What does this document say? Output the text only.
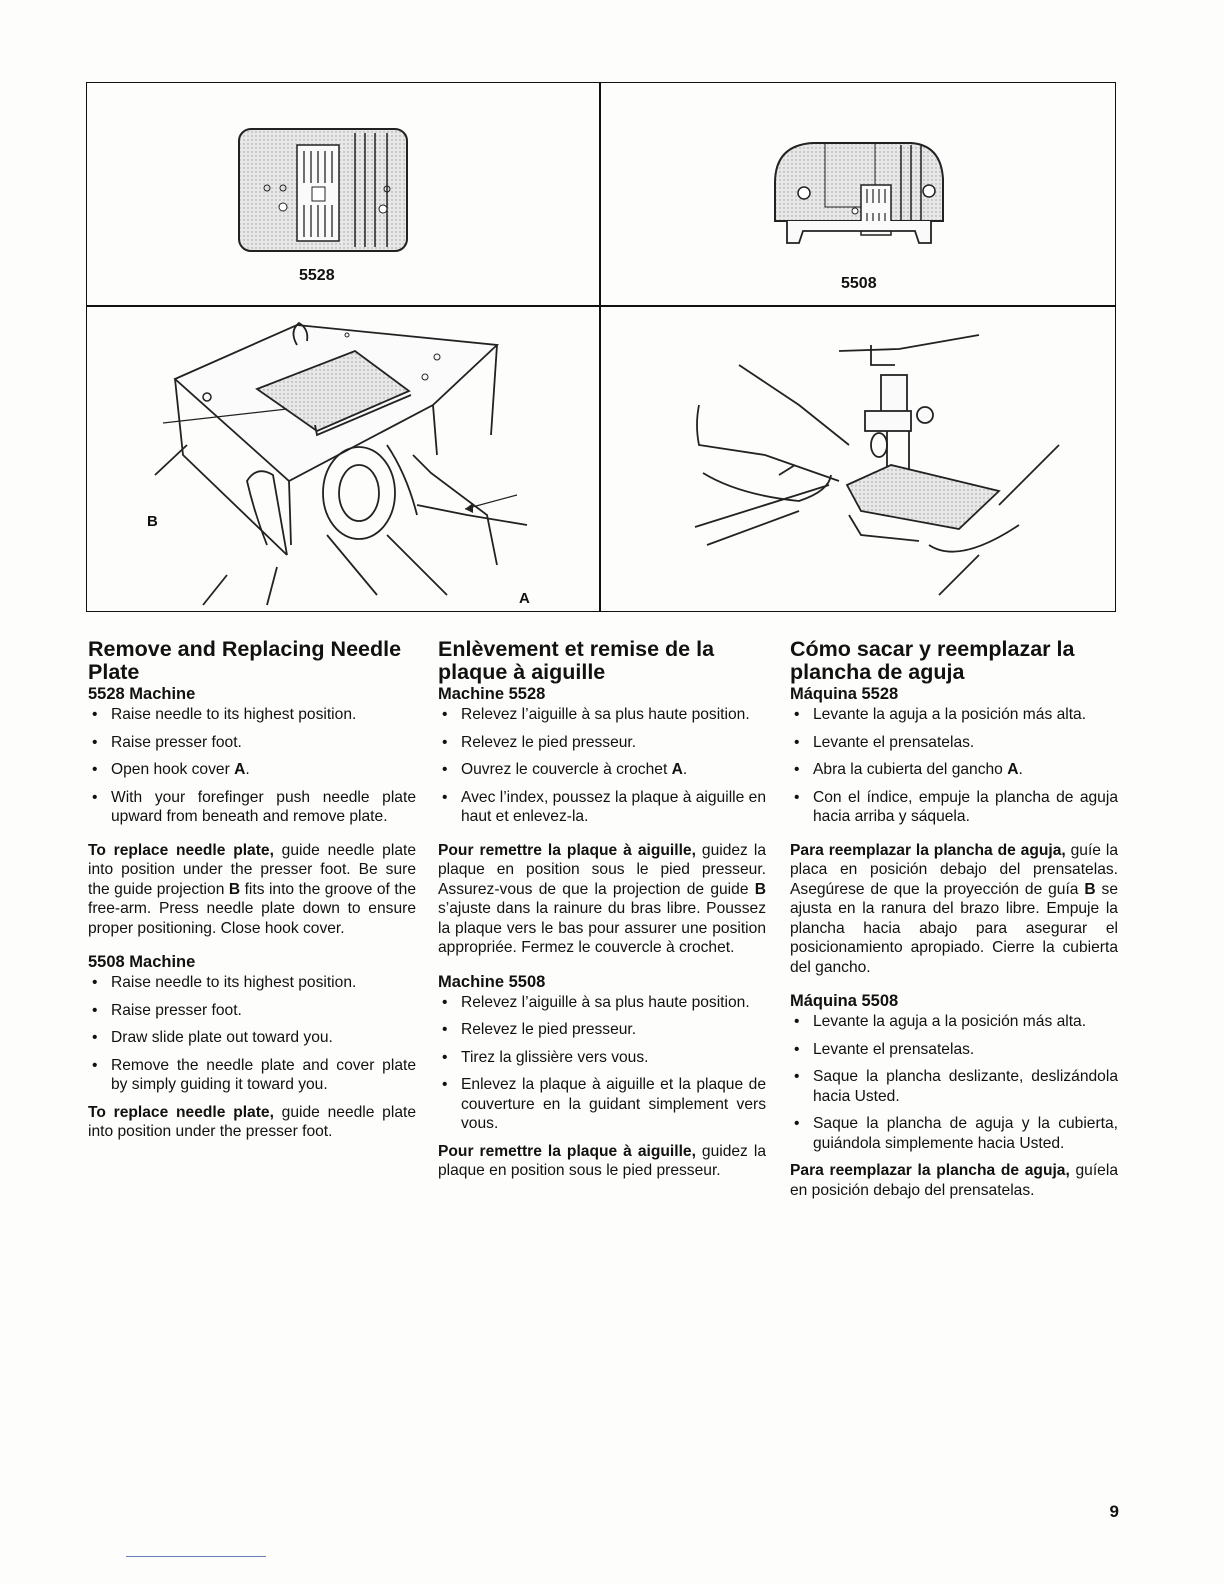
5528	5508
B
A
Remove and Replacing Needle Plate
5528 Machine
• Raise needle to its highest position.
• Raise presser foot.
• Open hook cover A.
• With your forefinger push needle plate upward from beneath and remove plate.

To replace needle plate, guide needle plate into position under the presser foot. Be sure the guide projection B fits into the groove of the free-arm. Press needle plate down to ensure proper positioning. Close hook cover.

5508 Machine
• Raise needle to its highest position.
• Raise presser foot.
• Draw slide plate out toward you.
• Remove the needle plate and cover plate by simply guiding it toward you.

To replace needle plate, guide needle plate into position under the presser foot.

Enlèvement et remise de la plaque à aiguille
Machine 5528
• Relevez l’aiguille à sa plus haute position.
• Relevez le pied presseur.
• Ouvrez le couvercle à crochet A.
• Avec l’index, poussez la plaque à aiguille en haut et enlevez-la.

Pour remettre la plaque à aiguille, guidez la plaque en position sous le pied presseur. Assurez-vous de que la projection de guide B s’ajuste dans la rainure du bras libre. Poussez la plaque vers le bas pour assurer une position appropriée. Fermez le couvercle à crochet.

Machine 5508
• Relevez l’aiguille à sa plus haute position.
• Relevez le pied presseur.
• Tirez la glissière vers vous.
• Enlevez la plaque à aiguille et la plaque de couverture en la guidant simplement vers vous.

Pour remettre la plaque à aiguille, guidez la plaque en position sous le pied presseur.

Cómo sacar y reemplazar la plancha de aguja
Máquina 5528
• Levante la aguja a la posición más alta.
• Levante el prensatelas.
• Abra la cubierta del gancho A.
• Con el índice, empuje la plancha de aguja hacia arriba y sáquela.

Para reemplazar la plancha de aguja, guíe la placa en posición debajo del prensatelas. Asegúrese de que la proyección de guía B se ajusta en la ranura del brazo libre. Empuje la plancha hacia abajo para asegurar el posicionamiento apropiado. Cierre la cubierta del gancho.

Máquina 5508
• Levante la aguja a la posición más alta.
• Levante el prensatelas.
• Saque la plancha deslizante, deslizándola hacia Usted.
• Saque la plancha de aguja y la cubierta, guiándola simplemente hacia Usted.

Para reemplazar la plancha de aguja, guíela en posición debajo del prensatelas.

9
